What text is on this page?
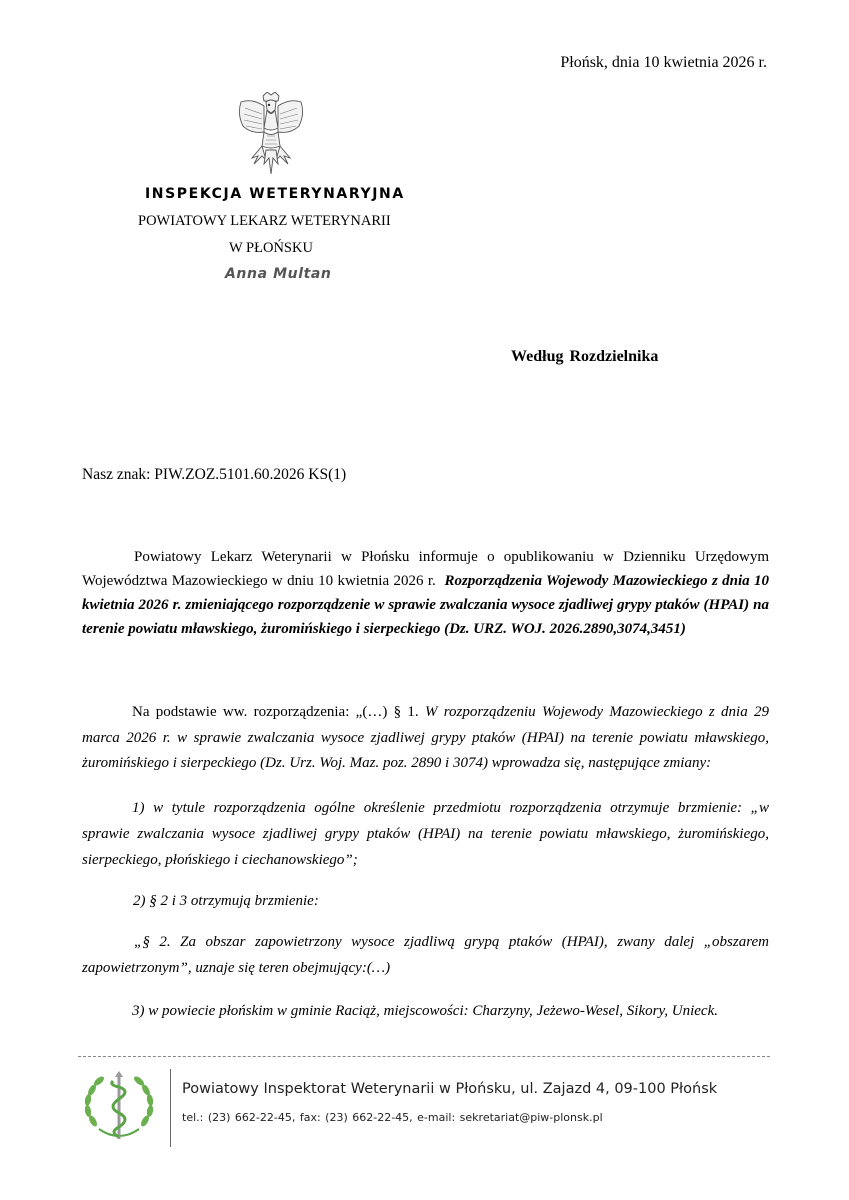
Płońsk, dnia 10 kwietnia 2026 r.
INSPEKCJA WETERYNARYJNA
POWIATOWY LEKARZ WETERYNARII
W PŁOŃSKU
Anna Multan
Według Rozdzielnika
Nasz znak: PIW.ZOZ.5101.60.2026 KS(1)
Powiatowy Lekarz Weterynarii w Płońsku informuje o opublikowaniu w Dzienniku Urzędowym Województwa Mazowieckiego w dniu 10 kwietnia 2026 r. Rozporządzenia Wojewody Mazowieckiego z dnia 10 kwietnia 2026 r. zmieniającego rozporządzenie w sprawie zwalczania wysoce zjadliwej grypy ptaków (HPAI) na terenie powiatu mławskiego, żuromińskiego i sierpeckiego (Dz. URZ. WOJ. 2026.2890,3074,3451)
Na podstawie ww. rozporządzenia: „(…) § 1. W rozporządzeniu Wojewody Mazowieckiego z dnia 29 marca 2026 r. w sprawie zwalczania wysoce zjadliwej grypy ptaków (HPAI) na terenie powiatu mławskiego, żuromińskiego i sierpeckiego (Dz. Urz. Woj. Maz. poz. 2890 i 3074) wprowadza się, następujące zmiany:
1) w tytule rozporządzenia ogólne określenie przedmiotu rozporządzenia otrzymuje brzmienie: „w sprawie zwalczania wysoce zjadliwej grypy ptaków (HPAI) na terenie powiatu mławskiego, żuromińskiego, sierpeckiego, płońskiego i ciechanowskiego”;
2) § 2 i 3 otrzymują brzmienie:
„§ 2. Za obszar zapowietrzony wysoce zjadliwą grypą ptaków (HPAI), zwany dalej „obszarem zapowietrzonym”, uznaje się teren obejmujący:(…)
3) w powiecie płońskim w gminie Raciąż, miejscowości: Charzyny, Jeżewo-Wesel, Sikory, Unieck.
Powiatowy Inspektorat Weterynarii w Płońsku, ul. Zajazd 4, 09-100 Płońsk
tel.: (23) 662-22-45, fax: (23) 662-22-45, e-mail: sekretariat@piw-plonsk.pl
